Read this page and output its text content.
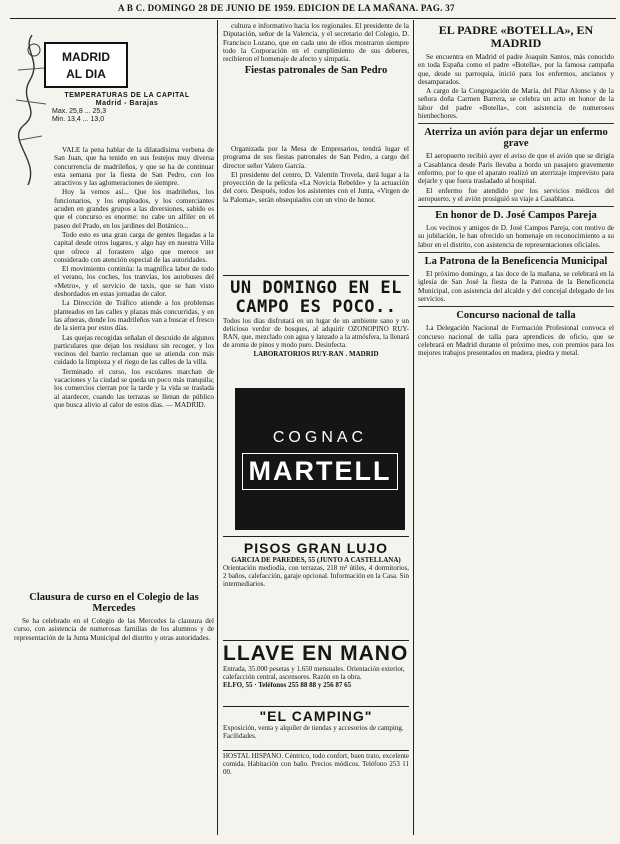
A B C. DOMINGO 28 DE JUNIO DE 1959. EDICION DE LA MAÑANA. PAG. 37
MADRID
AL DIA
TEMPERATURAS DE LA CAPITAL
Madrid - Barajas
Max. 25,8 ... 25,3
Min. 13,4 ... 13,0

VALE la pena hablar de la dilatadísima verbena de San Juan, que ha tenido en sus festejos muy diversa concurrencia de madrileños, y que se ha de continuar esta semana por la fiesta de San Pedro, con los atractivos y las aglomeraciones de siempre.

Hoy la vemos así... Que los madrileños, los funcionarios, y los empleados, y los comerciantes acuden en grandes grupos a las diversiones, sabido es que el concurso es enorme: no cabe un alfiler en el paseo del Prado, en los jardines del Botánico...

Todo esto es una gran carga de gentes llegadas a la capital desde otros lugares, y algo hay en nuestra Villa que ofrece al forastero algo que merece ser considerado con atención especial de las autoridades.

El movimiento continúa: la magnífica labor de todo el verano, los coches, los tranvías, los autobuses del «Metro», y el servicio de taxis, que se han visto desbordados en estas jornadas de calor.

La Dirección de Tráfico atiende a los problemas planteados en las calles y plazas más concurridas, y en las afueras, donde los madrileños van a buscar el fresco de la sierra por estos días.

Las quejas recogidas señalan el descuido de algunos particulares que dejan los residuos sin recoger, y los vecinos del barrio reclaman que se atienda con más cuidado la limpieza y el riego de las calles de la villa.

Terminado el curso, los escolares marchan de vacaciones y la ciudad se queda un poco más tranquila; los comercios cierran por la tarde y la vida se traslada al atardecer, cuando las terrazas se llenan de público que busca alivio al calor de estos días. — MADRID.

Clausura de curso en el Colegio de las Mercedes

Se ha celebrado en el Colegio de las Mercedes la clausura del curso, con asistencia de numerosas familias de los alumnos y de representación de la Junta Municipal del distrito y otras autoridades.

cultura e informativo hacia los regionales. El presidente de la Diputación, señor de la Valencia, y el secretario del Colegio, D. Francisco Lozano, que en cada uno de ellos mostraron siempre todo la Corporación en el cumplimiento de sus deberes, recibieron el homenaje de afecto y simpatía.

Fiestas patronales de San Pedro

Organizada por la Mesa de Empresarios, tendrá lugar el programa de sus fiestas patronales de San Pedro, a cargo del director señor Valero García.

El presidente del centro, D. Valentín Trovela, dará lugar a la proyección de la película «La Novicia Rebelde» y la actuación del coro. Después, todos los asistentes con el Junta, «Virgen de la Paloma», serán obsequiados con un vino de honor.

UN DOMINGO EN EL CAMPO ES POCO..
Todos los días disfrutará en un lugar de un ambiente sano y un delicioso verdor de bosques, al adquirir OZONOPINO RUY-RAN, que, mezclado con agua y lanzado a la atmósfera, la llenará de aroma de pinos y modo puro. Desinfecta.
LABORATORIOS RUY-RAN . MADRID
COGNAC
MARTELL
PISOS GRAN LUJO
GARCIA DE PAREDES, 55 (JUNTO A CASTELLANA)
Orientación mediodía, con terrazas, 218 m² útiles, 4 dormitorios, 2 baños, calefacción, garaje opcional. Información en la Casa. Sin intermediarios.
LLAVE EN MANO
Entrada, 35.000 pesetas y 1.650 mensuales. Orientación exterior, calefacción central, ascensores. Razón en la obra.
ELFO, 55 · Teléfonos 255 88 88 y 256 87 65
"EL CAMPING"
Exposición, venta y alquiler de tiendas y accesorios de camping. Facilidades.
HOSTAL HISPANO. Céntrico, todo confort, buen trato, excelente comida. Habitación con baño. Precios módicos. Teléfono 253 11 00.
EL PADRE «BOTELLA», EN MADRID

Se encuentra en Madrid el padre Joaquín Santos, más conocido en toda España como el padre «Botella», por la famosa campaña que, desde su parroquia, inició para los enfermos, ancianos y desamparados.

A cargo de la Congregación de María, del Pilar Alonso y de la señora doña Carmen Barrera, se celebra un acto en honor de la labor del padre «Botella», con asistencia de numerosos bienhechores.

Aterriza un avión para dejar un enfermo grave

El aeropuerto recibió ayer el aviso de que el avión que se dirigía a Casablanca desde París llevaba a bordo un pasajero gravemente enfermo, por lo que el aparato realizó un aterrizaje imprevisto para dejarle y que fuera trasladado al hospital.

El enfermo fue atendido por los servicios médicos del aeropuerto, y el avión prosiguió su viaje a Casablanca.

En honor de D. José Campos Pareja

Los vecinos y amigos de D. José Campos Pareja, con motivo de su jubilación, le han ofrecido un homenaje en reconocimiento a su labor en el distrito, con asistencia de representaciones oficiales.

La Patrona de la Beneficencia Municipal

El próximo domingo, a las doce de la mañana, se celebrará en la iglesia de San José la fiesta de la Patrona de la Beneficencia Municipal, con asistencia del alcalde y del concejal delegado de los servicios.

Concurso nacional de talla

La Delegación Nacional de Formación Profesional convoca el concurso nacional de talla para aprendices de oficio, que se celebrará en Madrid durante el próximo mes, con premios para los mejores trabajos presentados en madera, piedra y metal.
